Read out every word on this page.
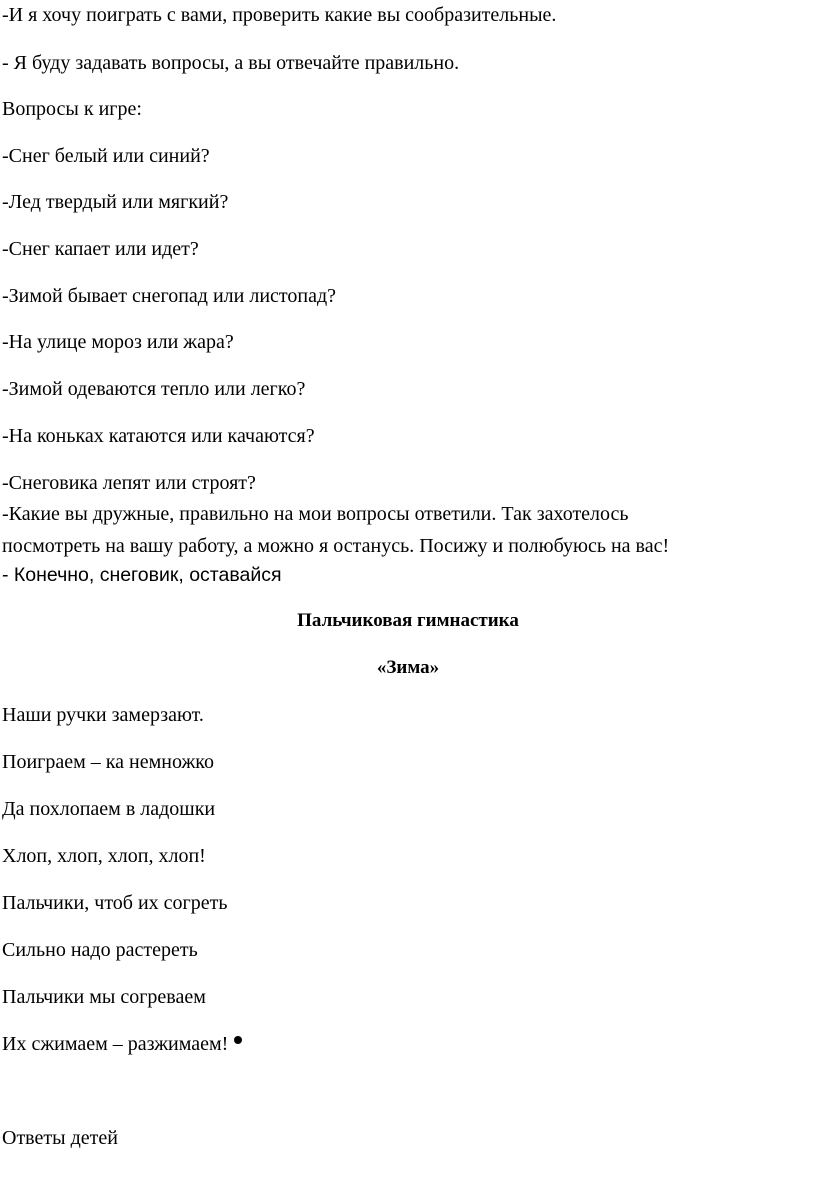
-И я хочу поиграть с вами, проверить какие вы сообразительные.
- Я буду задавать вопросы, а вы отвечайте правильно.
Вопросы к игре:
-Снег белый или синий?
-Лед твердый или мягкий?
-Снег капает или идет?
-Зимой бывает снегопад или листопад?
-На улице мороз или жара?
-Зимой одеваются тепло или легко?
-На коньках катаются или качаются?
-Снеговика лепят или строят?
-Какие вы дружные, правильно на мои вопросы ответили. Так захотелось
посмотреть на вашу работу, а можно я останусь. Посижу и полюбуюсь на вас!
- Конечно, снеговик, оставайся
Пальчиковая гимнастика
«Зима»
Наши ручки замерзают.
Поиграем – ка немножко
Да похлопаем в ладошки
Хлоп, хлоп, хлоп, хлоп!
Пальчики, чтоб их согреть
Сильно надо растереть
Пальчики мы согреваем
Их сжимаем – разжимаем!
Ответы детей
